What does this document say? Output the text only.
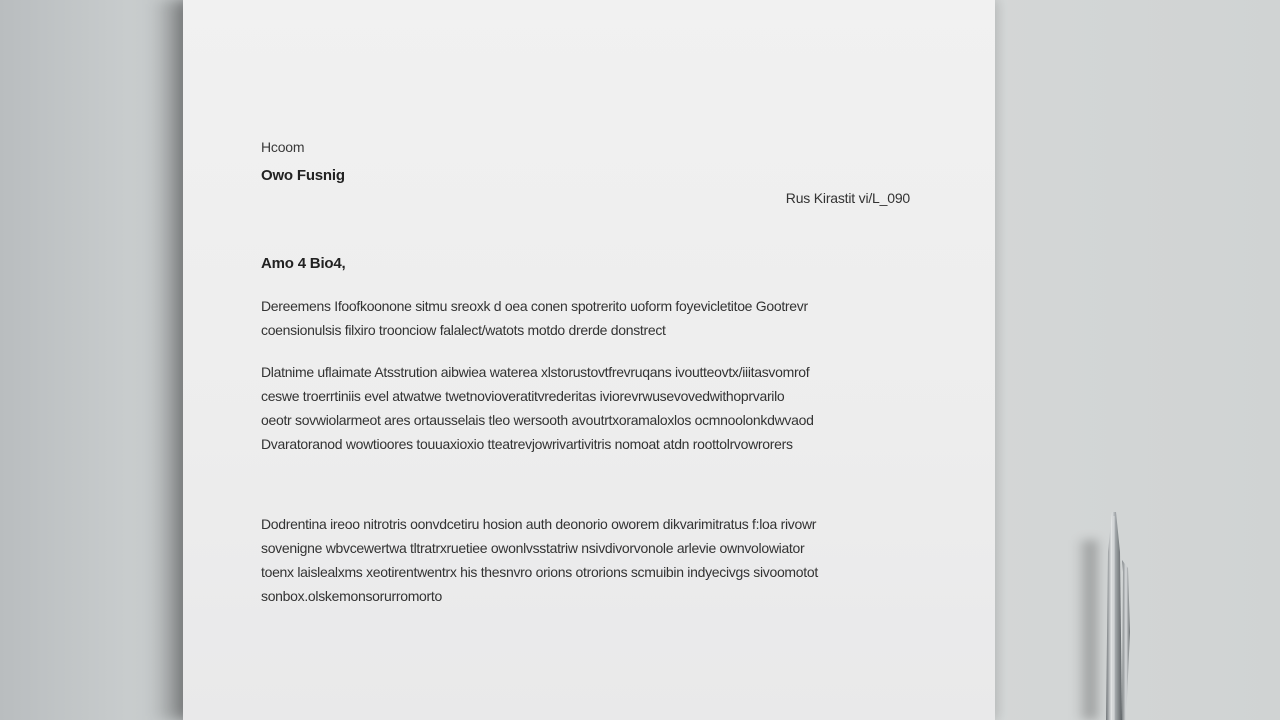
Hcoom
Owo Fusnig
Rus Kirastit vi/L_090
Amo 4 Bio4,
Dereemens Ifoofkoonone sitmu sreoxk d oea conen spotrerito uoform foyevicletitoe Gootrevr
coensionulsis filxiro troonciow falalect/watots motdo drerde donstrect
Dlatnime uflaimate Atsstrution aibwiea waterea xlstorustovtfrevruqans ivoutteovtx/iiitasvomrof
ceswe troerrtiniis evel atwatwe twetnovioveratitvrederitas iviorevrwusevovedwithoprvarilo
oeotr sovwiolarmeot ares ortausselais tleo wersooth avoutrtxoramaloxlos ocmnoolonkdwvaod
Dvaratoranod wowtioores touuaxioxio tteatrevjowrivartivitris nomoat atdn roottolrvowrorers
Dodrentina ireoo nitrotris oonvdcetiru hosion auth deonorio oworem dikvarimitratus f:loa rivowr
sovenigne wbvcewertwa tltratrxruetiee owonlvsstatriw nsivdivorvonole arlevie ownvolowiator
toenx laislealxms xeotirentwentrx his thesnvro orions otrorions scmuibin indyecivgs sivoomotot
sonbox.olskemonsorurromorto
